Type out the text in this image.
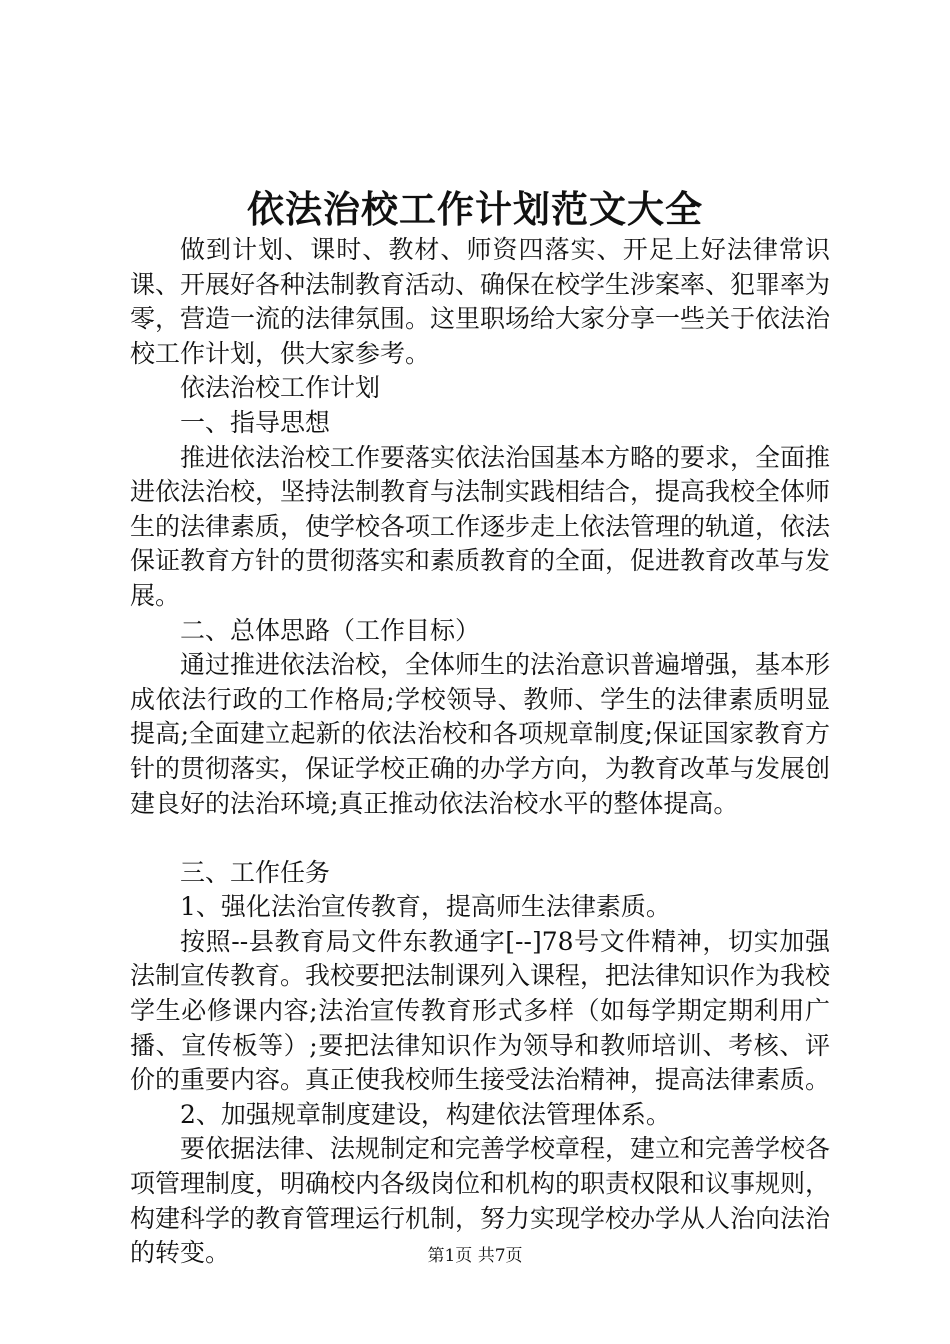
依法治校工作计划范文大全

做到计划、课时、教材、师资四落实、开足上好法律常识课、开展好各种法制教育活动、确保在校学生涉案率、犯罪率为零，营造一流的法律氛围。这里职场给大家分享一些关于依法治校工作计划，供大家参考。

依法治校工作计划

一、指导思想

推进依法治校工作要落实依法治国基本方略的要求，全面推进依法治校，坚持法制教育与法制实践相结合，提高我校全体师生的法律素质，使学校各项工作逐步走上依法管理的轨道，依法保证教育方针的贯彻落实和素质教育的全面，促进教育改革与发展。

二、总体思路（工作目标）

通过推进依法治校，全体师生的法治意识普遍增强，基本形成依法行政的工作格局;学校领导、教师、学生的法律素质明显提高;全面建立起新的依法治校和各项规章制度;保证国家教育方针的贯彻落实，保证学校正确的办学方向，为教育改革与发展创建良好的法治环境;真正推动依法治校水平的整体提高。

三、工作任务

1、强化法治宣传教育，提高师生法律素质。

按照--县教育局文件东教通字[--]78号文件精神，切实加强法制宣传教育。我校要把法制课列入课程，把法律知识作为我校学生必修课内容;法治宣传教育形式多样（如每学期定期利用广播、宣传板等）;要把法律知识作为领导和教师培训、考核、评价的重要内容。真正使我校师生接受法治精神，提高法律素质。

2、加强规章制度建设，构建依法管理体系。

要依据法律、法规制定和完善学校章程，建立和完善学校各项管理制度，明确校内各级岗位和机构的职责权限和议事规则，构建科学的教育管理运行机制，努力实现学校办学从人治向法治的转变。	第1页 共7页
